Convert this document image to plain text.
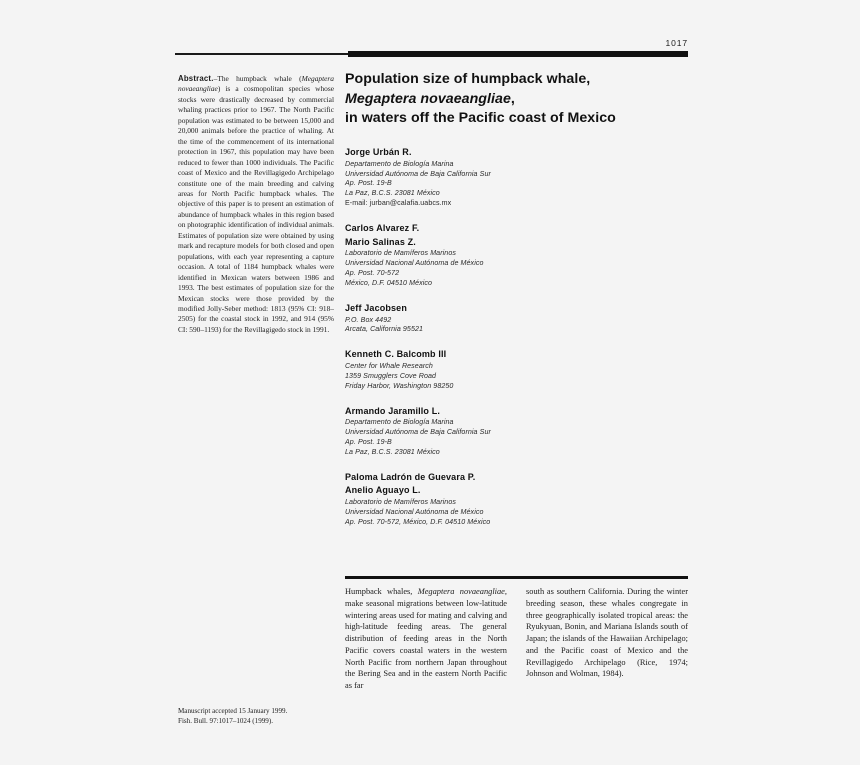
1017
Abstract.–The humpback whale (Megaptera novaeangliae) is a cosmopolitan species whose stocks were drastically decreased by commercial whaling practices prior to 1967. The North Pacific population was estimated to be between 15,000 and 20,000 animals before the practice of whaling. At the time of the commencement of its international protection in 1967, this population may have been reduced to fewer than 1000 individuals. The Pacific coast of Mexico and the Revillagigedo Archipelago constitute one of the main breeding and calving areas for North Pacific humpback whales. The objective of this paper is to present an estimation of abundance of humpback whales in this region based on photographic identification of individual animals. Estimates of population size were obtained by using mark and recapture models for both closed and open populations, with each year representing a capture occasion. A total of 1184 humpback whales were identified in Mexican waters between 1986 and 1993. The best estimates of population size for the Mexican stocks were those provided by the modified Jolly-Seber method: 1813 (95% CI: 918–2505) for the coastal stock in 1992, and 914 (95% CI: 590–1193) for the Revillagigedo stock in 1991.
Manuscript accepted 15 January 1999.
Fish. Bull. 97:1017–1024 (1999).
Population size of humpback whale,
Megaptera novaeangliae,
in waters off the Pacific coast of Mexico
Jorge Urbán R.
Departamento de Biología Marina
Universidad Autónoma de Baja California Sur
Ap. Post. 19-B
La Paz, B.C.S. 23081 México
E-mail: jurban@calafia.uabcs.mx
Carlos Alvarez F.
Mario Salinas Z.
Laboratorio de Mamíferos Marinos
Universidad Nacional Autónoma de México
Ap. Post. 70-572
México, D.F. 04510 México
Jeff Jacobsen
P.O. Box 4492
Arcata, California 95521
Kenneth C. Balcomb III
Center for Whale Research
1359 Smugglers Cove Road
Friday Harbor, Washington 98250
Armando Jaramillo L.
Departamento de Biología Marina
Universidad Autónoma de Baja California Sur
Ap. Post. 19-B
La Paz, B.C.S. 23081 México
Paloma Ladrón de Guevara P.
Anelio Aguayo L.
Laboratorio de Mamíferos Marinos
Universidad Nacional Autónoma de México
Ap. Post. 70-572, México, D.F. 04510 México
Humpback whales, Megaptera novaeangliae, make seasonal migrations between low-latitude wintering areas used for mating and calving and high-latitude feeding areas. The general distribution of feeding areas in the North Pacific covers coastal waters in the western North Pacific from northern Japan throughout the Bering Sea and in the eastern North Pacific as far
south as southern California. During the winter breeding season, these whales congregate in three geographically isolated tropical areas: the Ryukyuan, Bonin, and Mariana Islands south of Japan; the islands of the Hawaiian Archipelago; and the Pacific coast of Mexico and the Revillagigedo Archipelago (Rice, 1974; Johnson and Wolman, 1984).
